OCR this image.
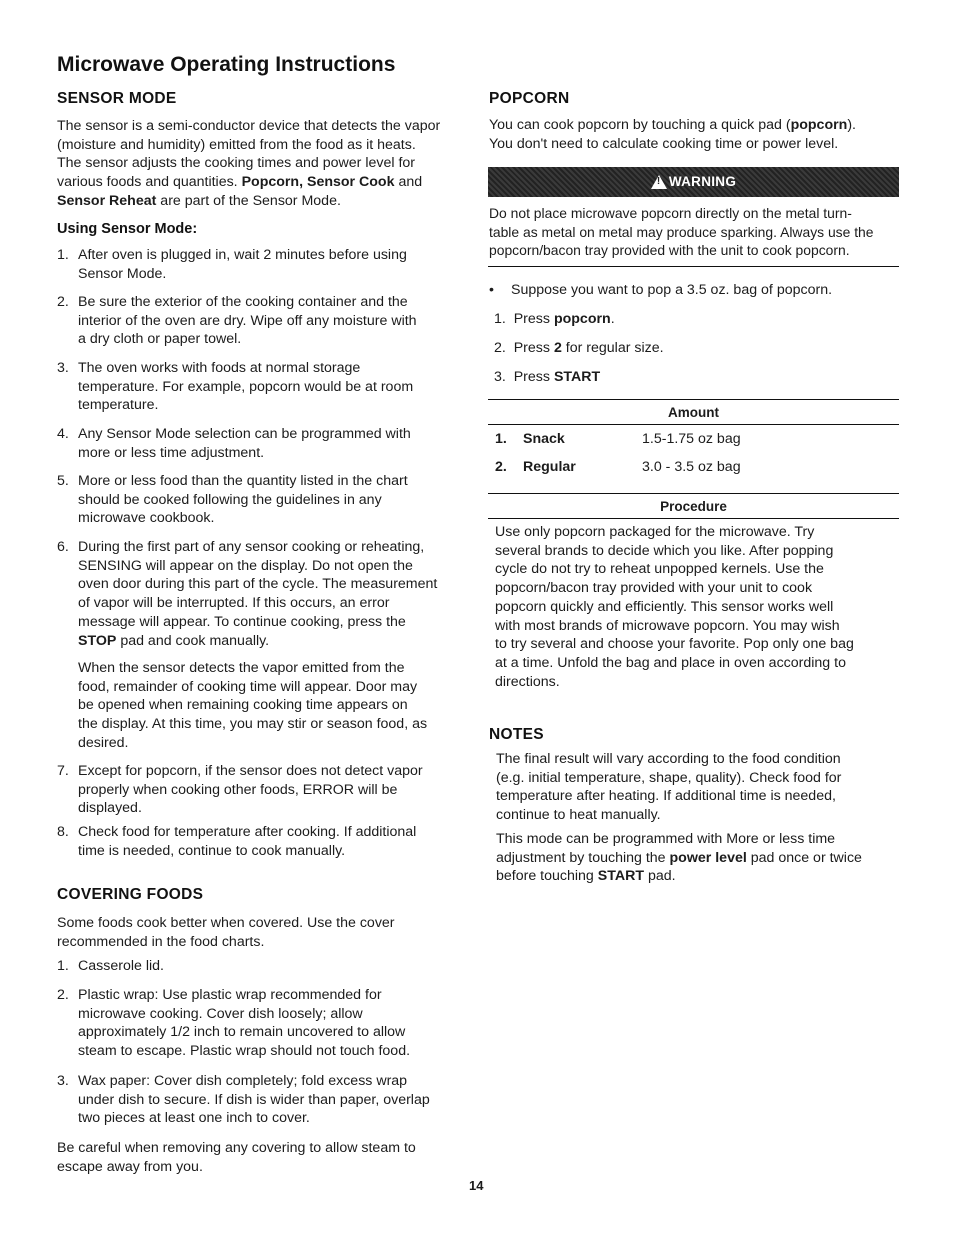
Microwave Operating Instructions
SENSOR MODE
The sensor is a semi-conductor device that detects the vapor
(moisture and humidity) emitted from the food as it heats.
The sensor adjusts the cooking times and power level for
various foods and quantities. Popcorn, Sensor Cook and
Sensor Reheat are part of the Sensor Mode.
Using Sensor Mode:
1. After oven is plugged in, wait 2 minutes before using
Sensor Mode.
2. Be sure the exterior of the cooking container and the
interior of the oven are dry. Wipe off any moisture with
a dry cloth or paper towel.
3. The oven works with foods at normal storage
temperature. For example, popcorn would be at room
temperature.
4. Any Sensor Mode selection can be programmed with
more or less time adjustment.
5. More or less food than the quantity listed in the chart
should be cooked following the guidelines in any
microwave cookbook.
6. During the first part of any sensor cooking or reheating,
SENSING will appear on the display. Do not open the
oven door during this part of the cycle. The measurement
of vapor will be interrupted. If this occurs, an error
message will appear. To continue cooking, press the
STOP pad and cook manually.
When the sensor detects the vapor emitted from the
food, remainder of cooking time will appear. Door may
be opened when remaining cooking time appears on
the display. At this time, you may stir or season food, as
desired.
7. Except for popcorn, if the sensor does not detect vapor
properly when cooking other foods, ERROR will be
displayed.
8. Check food for temperature after cooking. If additional
time is needed, continue to cook manually.
COVERING FOODS
Some foods cook better when covered. Use the cover
recommended in the food charts.
1. Casserole lid.
2. Plastic wrap: Use plastic wrap recommended for
microwave cooking. Cover dish loosely; allow
approximately 1/2 inch to remain uncovered to allow
steam to escape. Plastic wrap should not touch food.
3. Wax paper: Cover dish completely; fold excess wrap
under dish to secure. If dish is wider than paper, overlap
two pieces at least one inch to cover.
Be careful when removing any covering to allow steam to
escape away from you.
POPCORN
You can cook popcorn by touching a quick pad (popcorn).
You don't need to calculate cooking time or power level.
!
WARNING
Do not place microwave popcorn directly on the metal turn-
table as metal on metal may produce sparking. Always use the
popcorn/bacon tray provided with the unit to cook popcorn.
• Suppose you want to pop a 3.5 oz. bag of popcorn.
1.  Press popcorn.
2.  Press 2 for regular size.
3.  Press START
Amount
1. Snack	1.5-1.75 oz bag
2. Regular	3.0 - 3.5 oz bag
Procedure
Use only popcorn packaged for the microwave. Try
several brands to decide which you like. After popping
cycle do not try to reheat unpopped kernels. Use the
popcorn/bacon tray provided with your unit to cook
popcorn quickly and efficiently. This sensor works well
with most brands of microwave popcorn. You may wish
to try several and choose your favorite. Pop only one bag
at a time. Unfold the bag and place in oven according to
directions.
NOTES
The final result will vary according to the food condition
(e.g. initial temperature, shape, quality). Check food for
temperature after heating. If additional time is needed,
continue to heat manually.
This mode can be programmed with More or less time
adjustment by touching the power level pad once or twice
before touching START pad.
14
